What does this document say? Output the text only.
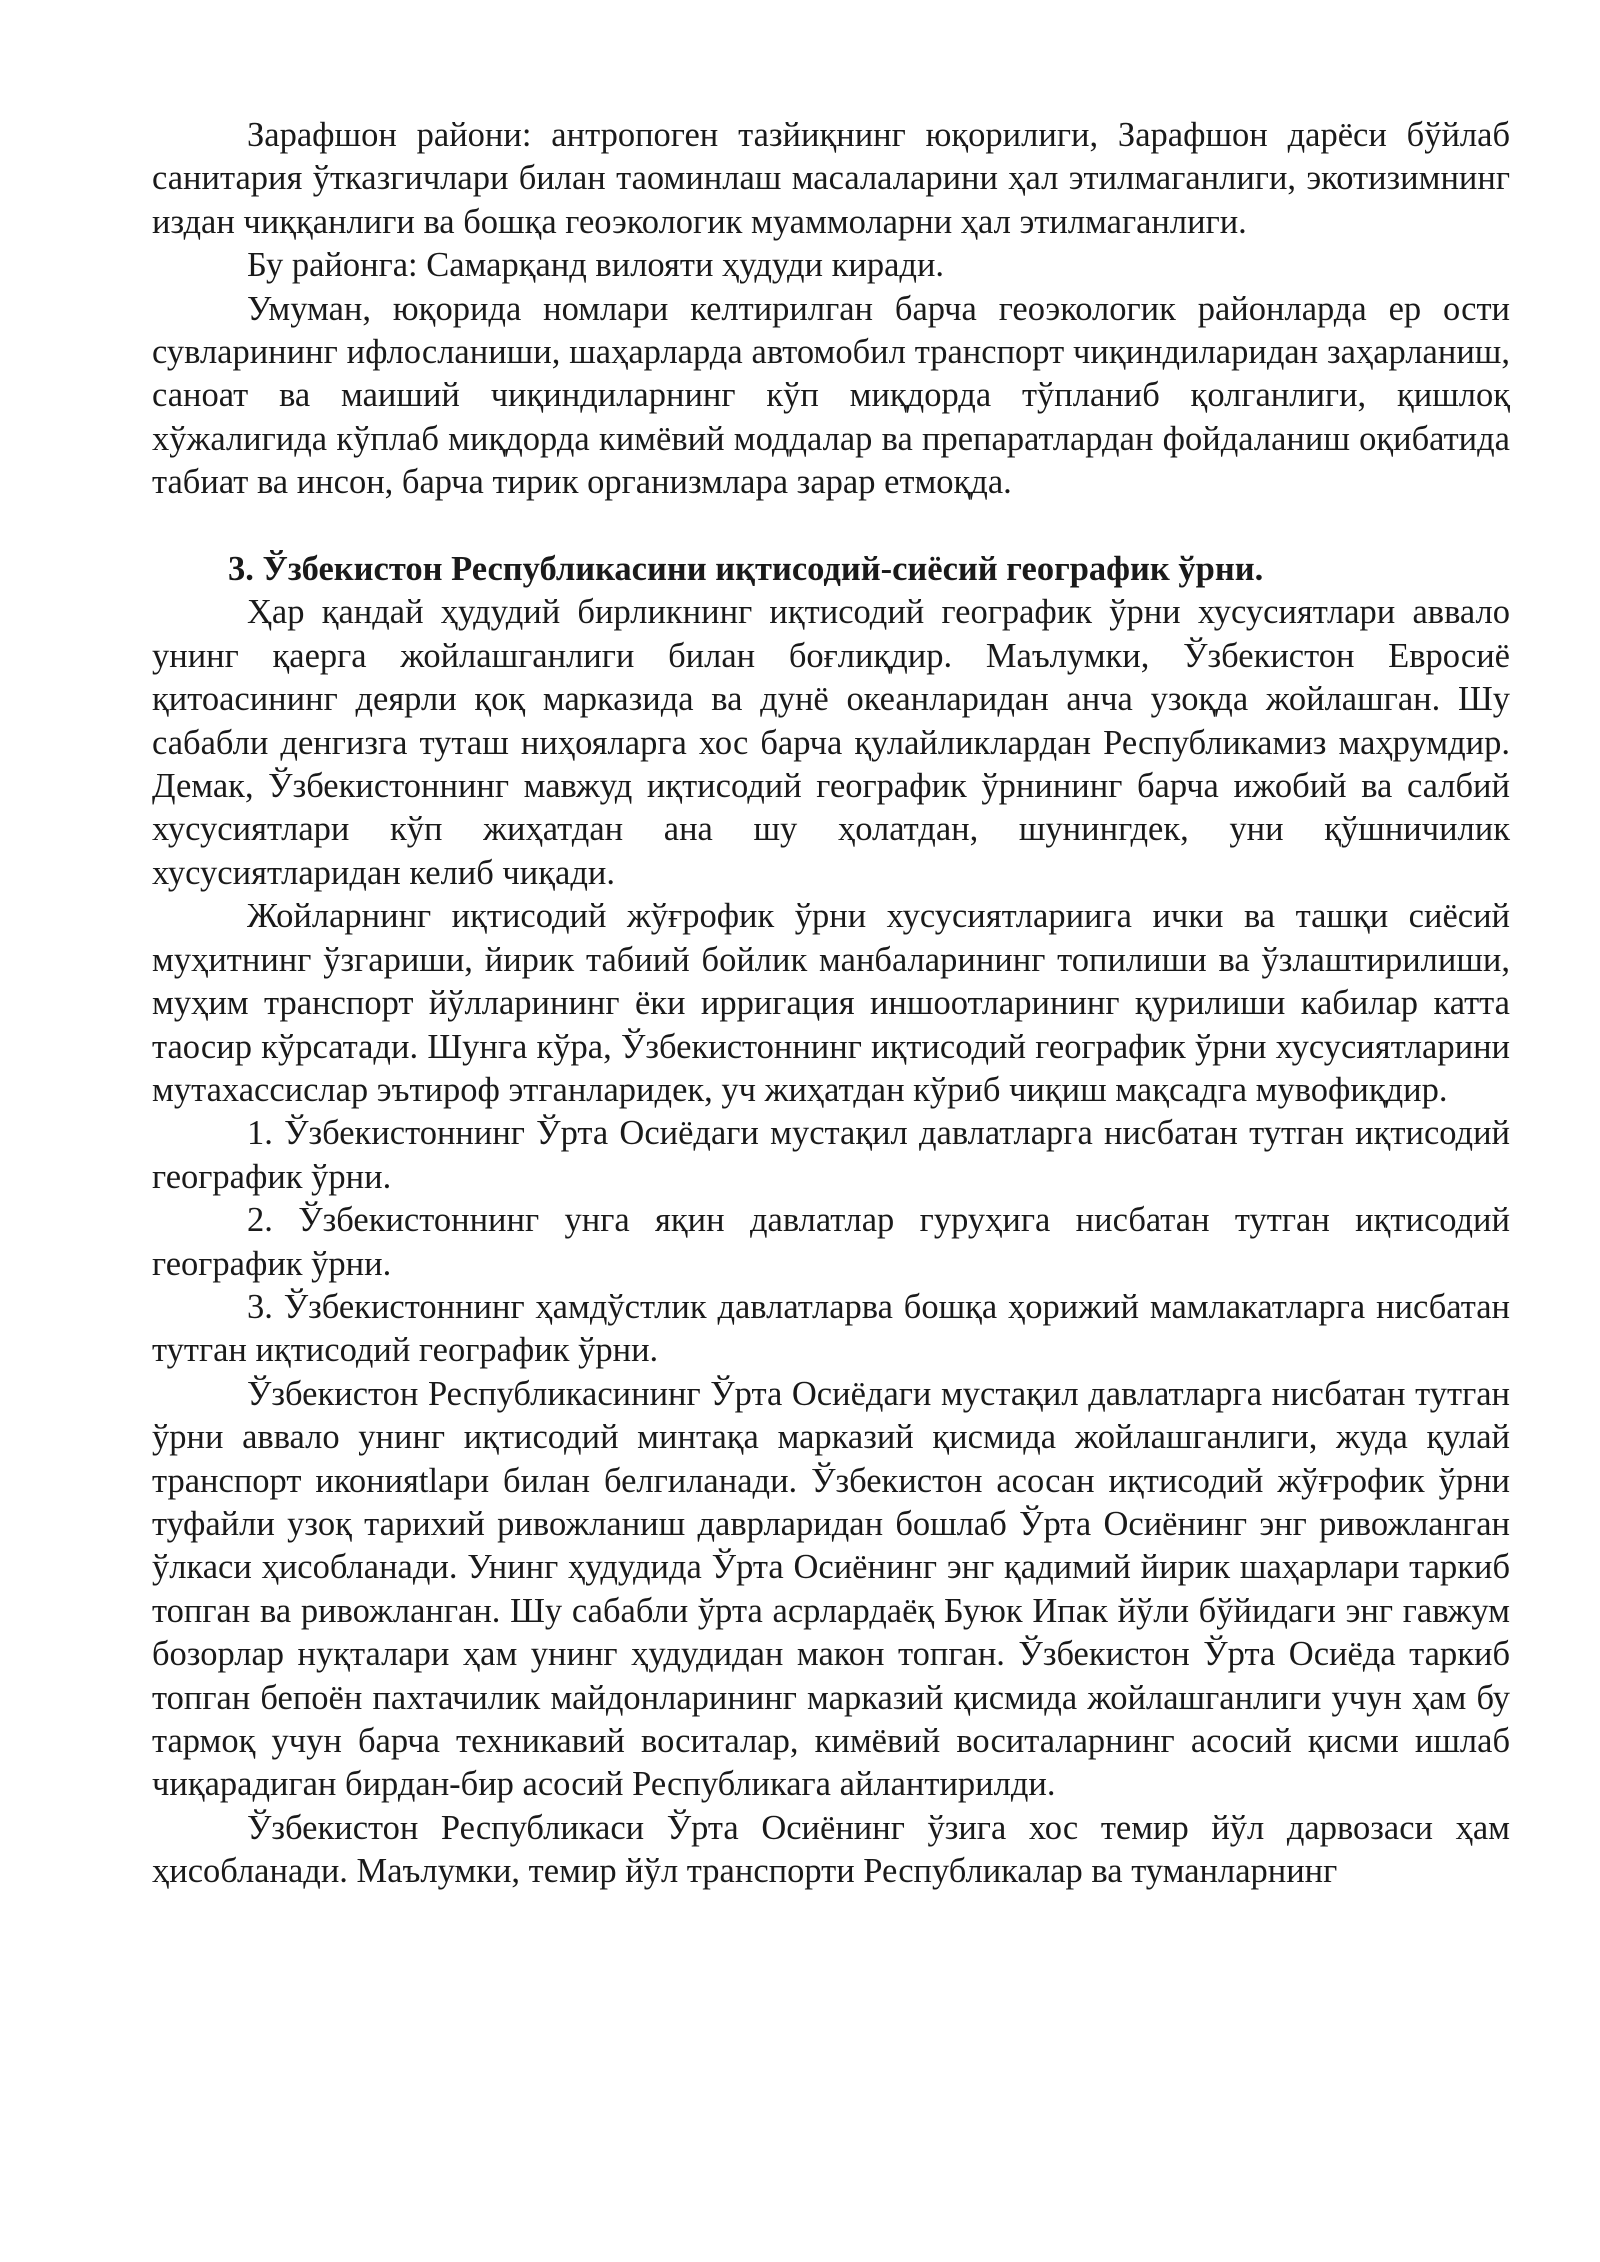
Зарафшон райони: антропоген тазйиқнинг юқорилиги, Зарафшон дарёси бўйлаб санитария ўтказгичлари билан таоминлаш масалаларини ҳал этилмаганлиги, экотизимнинг издан чиққанлиги ва бошқа геоэкологик муаммоларни ҳал этилмаганлиги.

Бу районга: Самарқанд вилояти ҳудуди киради.

Умуман, юқорида номлари келтирилган барча геоэкологик районларда ер ости сувларининг ифлосланиши, шаҳарларда автомобил транспорт чиқиндиларидан заҳарланиш, саноат ва маиший чиқиндиларнинг кўп миқдорда тўпланиб қолганлиги, қишлоқ хўжалигида кўплаб миқдорда кимёвий моддалар ва препаратлардан фойдаланиш оқибатида табиат ва инсон, барча тирик организмлара зарар етмоқда.

3. Ўзбекистон Республикасини иқтисодий-сиёсий географик ўрни.

Ҳар қандай ҳудудий бирликнинг иқтисодий географик ўрни хусусиятлари аввало унинг қаерга жойлашганлиги билан боғлиқдир. Маълумки, Ўзбекистон Евросиё қитоасининг деярли қоқ марказида ва дунё океанларидан анча узоқда жойлашган. Шу сабабли денгизга туташ ниҳояларга хос барча қулайликлардан Республикамиз маҳрумдир. Демак, Ўзбекистоннинг мавжуд иқтисодий географик ўрнининг барча ижобий ва салбий хусусиятлари кўп жиҳатдан ана шу ҳолатдан, шунингдек, уни қўшничилик хусусиятларидан келиб чиқади.

Жойларнинг иқтисодий жўғрофик ўрни хусусиятлариига ички ва ташқи сиёсий муҳитнинг ўзгариши, йирик табиий бойлик манбаларининг топилиши ва ўзлаштирилиши, муҳим транспорт йўлларининг ёки ирригация иншоотларининг қурилиши кабилар катта таосир кўрсатади. Шунга кўра, Ўзбекистоннинг иқтисодий географик ўрни хусусиятларини мутахассислар эътироф этганларидек, уч жиҳатдан кўриб чиқиш мақсадга мувофиқдир.

1. Ўзбекистоннинг Ўрта Осиёдаги мустақил давлатларга нисбатан тутган иқтисодий географик ўрни.

2. Ўзбекистоннинг унга яқин давлатлар гуруҳига нисбатан тутган иқтисодий географик ўрни.

3. Ўзбекистоннинг ҳамдўстлик давлатларва бошқа ҳорижий мамлакатларга нисбатан тутган иқтисодий географик ўрни.

Ўзбекистон Республикасининг Ўрта Осиёдаги мустақил давлатларга нисбатан тутган ўрни аввало унинг иқтисодий минтақа марказий қисмида жойлашганлиги, жуда қулай транспорт иконияtlари билан белгиланади. Ўзбекистон асосан иқтисодий жўғрофик ўрни туфайли узоқ тарихий ривожланиш даврларидан бошлаб Ўрта Осиёнинг энг ривожланган ўлкаси ҳисобланади. Унинг ҳудудида Ўрта Осиёнинг энг қадимий йирик шаҳарлари таркиб топган ва ривожланган. Шу сабабли ўрта асрлардаёқ Буюк Ипак йўли бўйидаги энг гавжум бозорлар нуқталари ҳам унинг ҳудудидан макон топган. Ўзбекистон Ўрта Осиёда таркиб топган бепоён пахтачилик майдонларининг марказий қисмида жойлашганлиги учун ҳам бу тармоқ учун барча техникавий воситалар, кимёвий воситаларнинг асосий қисми ишлаб чиқарадиган бирдан-бир асосий Республикага айлантирилди.

Ўзбекистон Республикаси Ўрта Осиёнинг ўзига хос темир йўл дарвозаси ҳам ҳисобланади. Маълумки, темир йўл транспорти Республикалар ва туманларнинг
